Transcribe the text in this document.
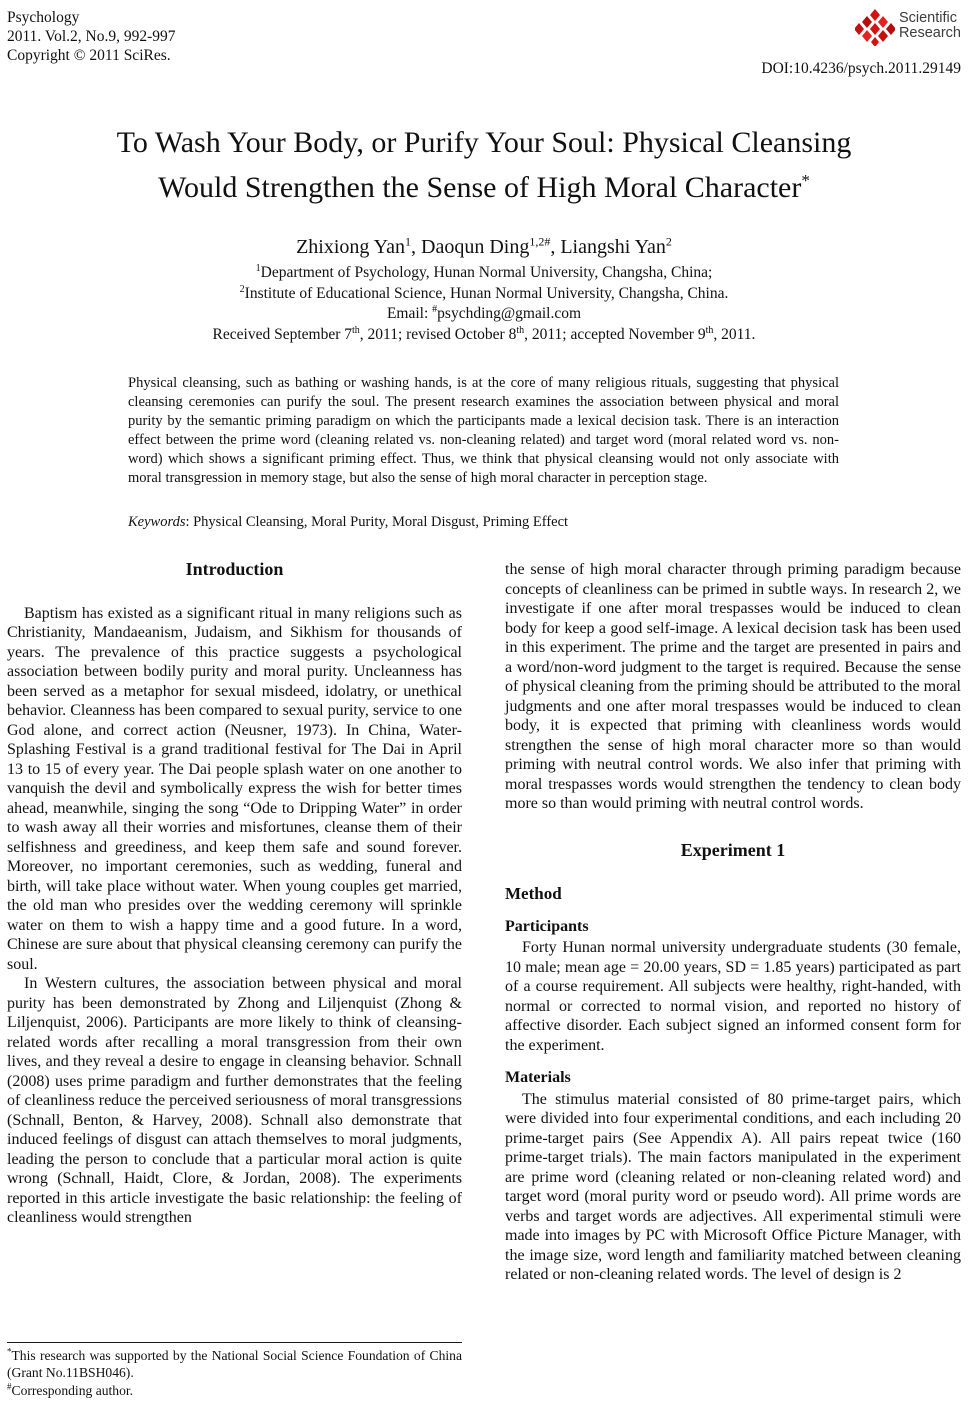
Psychology
2011. Vol.2, No.9, 992-997
Copyright © 2011 SciRes.
Scientific
Research
DOI:10.4236/psych.2011.29149
To Wash Your Body, or Purify Your Soul: Physical Cleansing
Would Strengthen the Sense of High Moral Character*
Zhixiong Yan$^1$, Daoqun Ding$^{1,2\#}$, Liangshi Yan$^2$
$^1$Department of Psychology, Hunan Normal University, Changsha, China;
$^2$Institute of Educational Science, Hunan Normal University, Changsha, China.
Email: #psychding@gmail.com
Received September 7th, 2011; revised October 8th, 2011; accepted November 9th, 2011.

Physical cleansing, such as bathing or washing hands, is at the core of many religious rituals, suggesting that physical cleansing ceremonies can purify the soul. The present research examines the association between physical and moral purity by the semantic priming paradigm on which the participants made a lexical decision task. There is an interaction effect between the prime word (cleaning related vs. non-cleaning related) and target word (moral related word vs. non-word) which shows a significant priming effect. Thus, we think that physical cleansing would not only associate with moral transgression in memory stage, but also the sense of high moral character in perception stage.

Keywords: Physical Cleansing, Moral Purity, Moral Disgust, Priming Effect

Introduction

Baptism has existed as a significant ritual in many religions such as Christianity, Mandaeanism, Judaism, and Sikhism for thousands of years. The prevalence of this practice suggests a psychological association between bodily purity and moral purity. Uncleanness has been served as a metaphor for sexual misdeed, idolatry, or unethical behavior. Cleanness has been compared to sexual purity, service to one God alone, and correct action (Neusner, 1973). In China, Water-Splashing Festival is a grand traditional festival for The Dai in April 13 to 15 of every year. The Dai people splash water on one another to vanquish the devil and symbolically express the wish for better times ahead, meanwhile, singing the song “Ode to Dripping Water” in order to wash away all their worries and misfortunes, cleanse them of their selfishness and greediness, and keep them safe and sound forever. Moreover, no important ceremonies, such as wedding, funeral and birth, will take place without water. When young couples get married, the old man who presides over the wedding ceremony will sprinkle water on them to wish a happy time and a good future. In a word, Chinese are sure about that physical cleansing ceremony can purify the soul.

In Western cultures, the association between physical and moral purity has been demonstrated by Zhong and Liljenquist (Zhong & Liljenquist, 2006). Participants are more likely to think of cleansing-related words after recalling a moral transgression from their own lives, and they reveal a desire to engage in cleansing behavior. Schnall (2008) uses prime paradigm and further demonstrates that the feeling of cleanliness reduce the perceived seriousness of moral transgressions (Schnall, Benton, & Harvey, 2008). Schnall also demonstrate that induced feelings of disgust can attach themselves to moral judgments, leading the person to conclude that a particular moral action is quite wrong (Schnall, Haidt, Clore, & Jordan, 2008). The experiments reported in this article investigate the basic relationship: the feeling of cleanliness would strengthen

*This research was supported by the National Social Science Foundation of China (Grant No.11BSH046).
#Corresponding author.

the sense of high moral character through priming paradigm because concepts of cleanliness can be primed in subtle ways. In research 2, we investigate if one after moral trespasses would be induced to clean body for keep a good self-image. A lexical decision task has been used in this experiment. The prime and the target are presented in pairs and a word/non-word judgment to the target is required. Because the sense of physical cleaning from the priming should be attributed to the moral judgments and one after moral trespasses would be induced to clean body, it is expected that priming with cleanliness words would strengthen the sense of high moral character more so than would priming with neutral control words. We also infer that priming with moral trespasses words would strengthen the tendency to clean body more so than would priming with neutral control words.

Experiment 1
Method
Participants

Forty Hunan normal university undergraduate students (30 female, 10 male; mean age = 20.00 years, SD = 1.85 years) participated as part of a course requirement. All subjects were healthy, right-handed, with normal or corrected to normal vision, and reported no history of affective disorder. Each subject signed an informed consent form for the experiment.

Materials

The stimulus material consisted of 80 prime-target pairs, which were divided into four experimental conditions, and each including 20 prime-target pairs (See Appendix A). All pairs repeat twice (160 prime-target trials). The main factors manipulated in the experiment are prime word (cleaning related or non-cleaning related word) and target word (moral purity word or pseudo word). All prime words are verbs and target words are adjectives. All experimental stimuli were made into images by PC with Microsoft Office Picture Manager, with the image size, word length and familiarity matched between cleaning related or non-cleaning related words. The level of design is 2
